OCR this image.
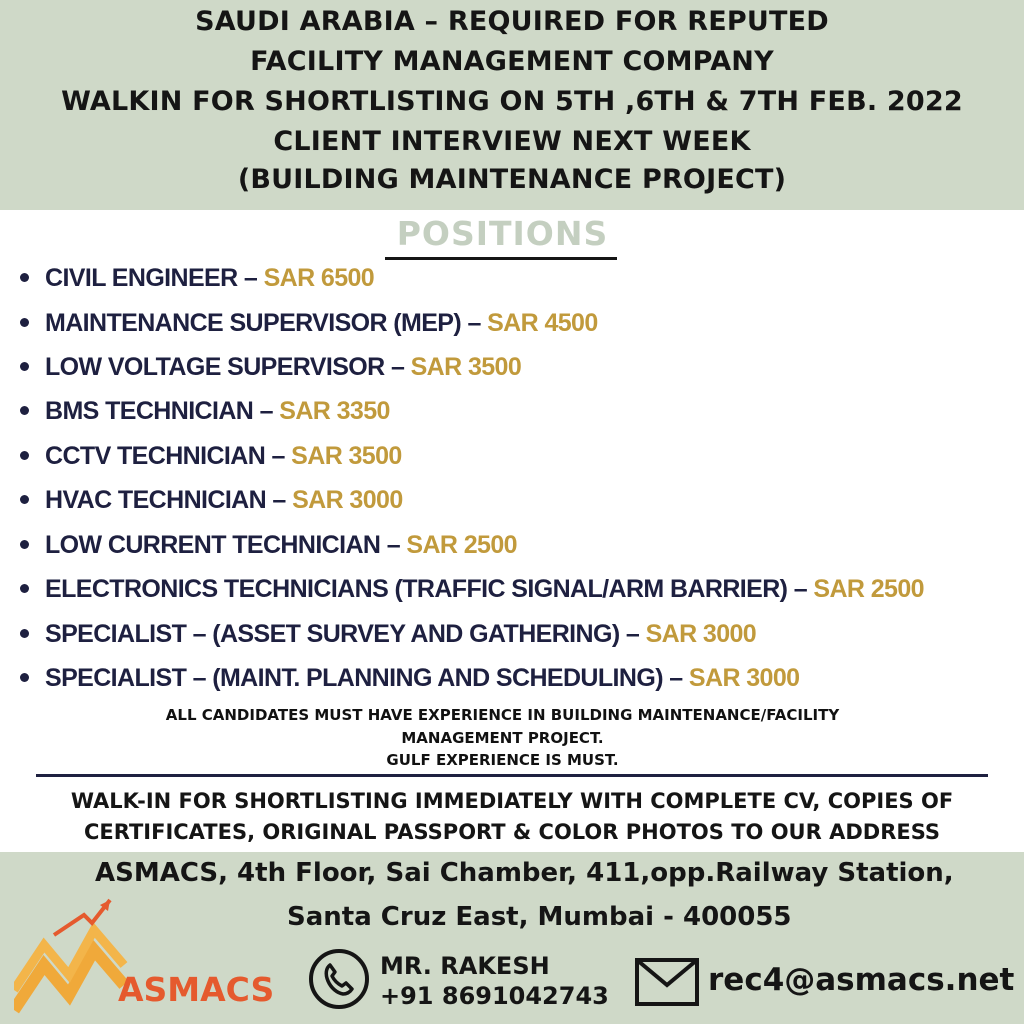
SAUDI ARABIA – REQUIRED FOR REPUTED
FACILITY MANAGEMENT COMPANY
WALKIN FOR SHORTLISTING ON 5TH ,6TH & 7TH FEB. 2022
CLIENT INTERVIEW NEXT WEEK
(BUILDING MAINTENANCE PROJECT)
POSITIONS
CIVIL ENGINEER – SAR 6500
MAINTENANCE SUPERVISOR (MEP) – SAR 4500
LOW VOLTAGE SUPERVISOR – SAR 3500
BMS TECHNICIAN – SAR 3350
CCTV TECHNICIAN – SAR 3500
HVAC TECHNICIAN – SAR 3000
LOW CURRENT TECHNICIAN – SAR 2500
ELECTRONICS TECHNICIANS (TRAFFIC SIGNAL/ARM BARRIER) – SAR 2500
SPECIALIST – (ASSET SURVEY AND GATHERING) – SAR 3000
SPECIALIST – (MAINT. PLANNING AND SCHEDULING) – SAR 3000
ALL CANDIDATES MUST HAVE EXPERIENCE IN BUILDING MAINTENANCE/FACILITY
MANAGEMENT PROJECT.
GULF EXPERIENCE IS MUST.
WALK-IN FOR SHORTLISTING IMMEDIATELY WITH COMPLETE CV, COPIES OF
CERTIFICATES, ORIGINAL PASSPORT & COLOR PHOTOS TO OUR ADDRESS
ASMACS, 4th Floor, Sai Chamber, 411,opp.Railway Station,
Santa Cruz East, Mumbai - 400055
ASMACS
MR. RAKESH
+91 8691042743	rec4@asmacs.net
